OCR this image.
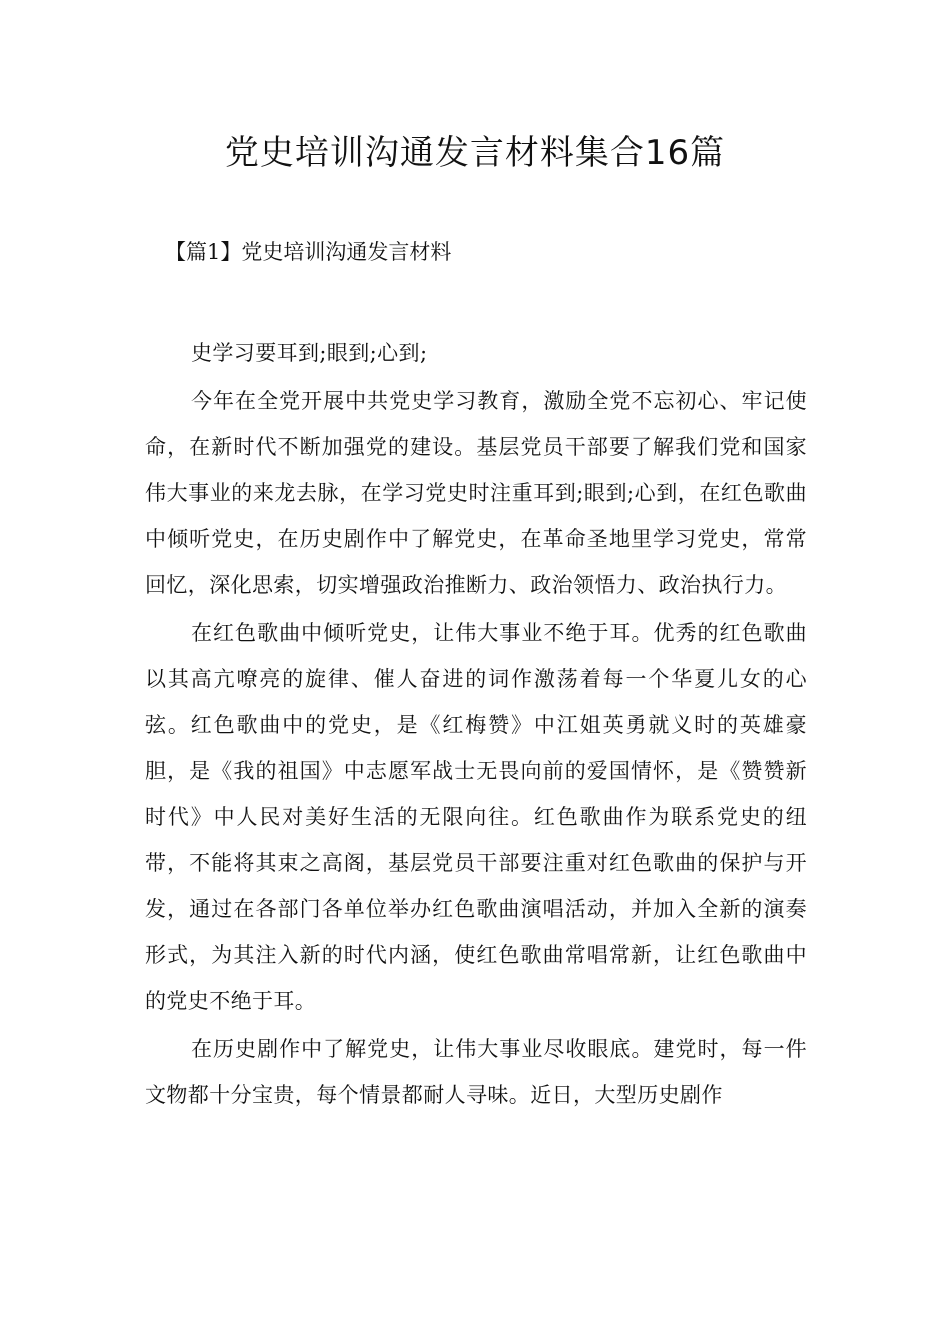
党史培训沟通发言材料集合16篇

【篇1】党史培训沟通发言材料

史学习要耳到;眼到;心到;

今年在全党开展中共党史学习教育，激励全党不忘初心、牢记使命，在新时代不断加强党的建设。基层党员干部要了解我们党和国家伟大事业的来龙去脉，在学习党史时注重耳到;眼到;心到，在红色歌曲中倾听党史，在历史剧作中了解党史，在革命圣地里学习党史，常常回忆，深化思索，切实增强政治推断力、政治领悟力、政治执行力。

在红色歌曲中倾听党史，让伟大事业不绝于耳。优秀的红色歌曲以其高亢嘹亮的旋律、催人奋进的词作激荡着每一个华夏儿女的心弦。红色歌曲中的党史，是《红梅赞》中江姐英勇就义时的英雄豪胆，是《我的祖国》中志愿军战士无畏向前的爱国情怀，是《赞赞新时代》中人民对美好生活的无限向往。红色歌曲作为联系党史的纽带，不能将其束之高阁，基层党员干部要注重对红色歌曲的保护与开发，通过在各部门各单位举办红色歌曲演唱活动，并加入全新的演奏形式，为其注入新的时代内涵，使红色歌曲常唱常新，让红色歌曲中的党史不绝于耳。

在历史剧作中了解党史，让伟大事业尽收眼底。建党时，每一件文物都十分宝贵，每个情景都耐人寻味。近日，大型历史剧作
